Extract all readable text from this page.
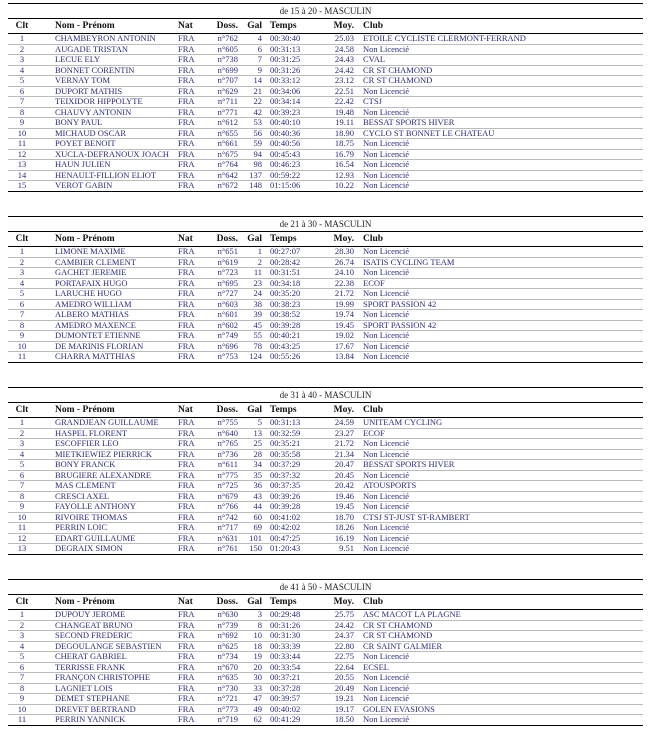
de 15 à 20 - MASCULIN
Clt		Nom - Prénom	Nat	Doss.	Gal		Temps	Moy.		Club
1		CHAMBEYRON ANTONIN	FRA	n°762	4		00:30:40	25.03		ETOILE CYCLISTE CLERMONT-FERRAND
2		AUGADE TRISTAN	FRA	n°605	6		00:31:13	24.58		Non Licencié
3		LECUE ELY	FRA	n°738	7		00:31:25	24.43		CVAL
4		BONNET CORENTIN	FRA	n°699	9		00:31:26	24.42		CR ST CHAMOND
5		VERNAY TOM	FRA	n°707	14		00:33:12	23.12		CR ST CHAMOND
6		DUPORT MATHIS	FRA	n°629	21		00:34:06	22.51		Non Licencié
7		TEIXIDOR HIPPOLYTE	FRA	n°711	22		00:34:14	22.42		CTSJ
8		CHAUVY ANTONIN	FRA	n°771	42		00:39:23	19.48		Non Licencié
9		BONY PAUL	FRA	n°612	53		00:40:10	19.11		BESSAT SPORTS HIVER
10		MICHAUD OSCAR	FRA	n°655	56		00:40:36	18.90		CYCLO ST BONNET LE CHATEAU
11		POYET BENOIT	FRA	n°661	59		00:40:56	18.75		Non Licencié
12		XUCLA-DEFRANOUX JOACH	FRA	n°675	94		00:45:43	16.79		Non Licencié
13		HAUN JULIEN	FRA	n°764	98		00:46:23	16.54		Non Licencié
14		HENAULT-FILLION ELIOT	FRA	n°642	137		00:59:22	12.93		Non Licencié
15		VEROT GABIN	FRA	n°672	148		01:15:06	10.22		Non Licencié
de 21 à 30 - MASCULIN
Clt		Nom - Prénom	Nat	Doss.	Gal		Temps	Moy.		Club
1		LIMONE MAXIME	FRA	n°651	1		00:27:07	28.30		Non Licencié
2		CAMBIER CLEMENT	FRA	n°619	2		00:28:42	26.74		ISATIS CYCLING TEAM
3		GACHET JEREMIE	FRA	n°723	11		00:31:51	24.10		Non Licencié
4		PORTAFAIX HUGO	FRA	n°695	23		00:34:18	22.38		ECOF
5		LARUCHE HUGO	FRA	n°727	24		00:35:20	21.72		Non Licencié
6		AMEDRO WILLIAM	FRA	n°603	38		00:38:23	19.99		SPORT PASSION 42
7		ALBERO MATHIAS	FRA	n°601	39		00:38:52	19.74		Non Licencié
8		AMEDRO MAXENCE	FRA	n°602	45		00:39:28	19.45		SPORT PASSION 42
9		DUMONTET ETIENNE	FRA	n°749	55		00:40:21	19.02		Non Licencié
10		DE MARINIS FLORIAN	FRA	n°696	78		00:43:25	17.67		Non Licencié
11		CHARRA MATTHIAS	FRA	n°753	124		00:55:26	13.84		Non Licencié
de 31 à 40 - MASCULIN
Clt		Nom - Prénom	Nat	Doss.	Gal		Temps	Moy.		Club
1		GRANDJEAN GUILLAUME	FRA	n°755	5		00:31:13	24.59		UNITEAM CYCLING
2		HASPEL FLORENT	FRA	n°640	13		00:32:59	23.27		ECOF
3		ESCOFFIER LEO	FRA	n°765	25		00:35:21	21.72		Non Licencié
4		MIETKIEWIEZ PIERRICK	FRA	n°736	28		00:35:58	21.34		Non Licencié
5		BONY FRANCK	FRA	n°611	34		00:37:29	20.47		BESSAT SPORTS HIVER
6		BRUGIERE ALEXANDRE	FRA	n°775	35		00:37:32	20.45		Non Licencié
7		MAS CLEMENT	FRA	n°725	36		00:37:35	20.42		ATOUSPORTS
8		CRESCI AXEL	FRA	n°679	43		00:39:26	19.46		Non Licencié
9		FAYOLLE ANTHONY	FRA	n°766	44		00:39:28	19.45		Non Licencié
10		RIVOIRE THOMAS	FRA	n°742	60		00:41:02	18.70		CTSJ ST-JUST ST-RAMBERT
11		PERRIN LOIC	FRA	n°717	69		00:42:02	18.26		Non Licencié
12		EDART GUILLAUME	FRA	n°631	101		00:47:25	16.19		Non Licencié
13		DEGRAIX SIMON	FRA	n°761	150		01:20:43	9.51		Non Licencié
de 41 à 50 - MASCULIN
Clt		Nom - Prénom	Nat	Doss.	Gal		Temps	Moy.		Club
1		DUPOUY JEROME	FRA	n°630	3		00:29:48	25.75		ASC MACOT LA PLAGNE
2		CHANGEAT BRUNO	FRA	n°739	8		00:31:26	24.42		CR ST CHAMOND
3		SECOND FREDERIC	FRA	n°692	10		00:31:30	24.37		CR ST CHAMOND
4		DEGOULANGE SEBASTIEN	FRA	n°625	18		00:33:39	22.80		CR SAINT GALMIER
5		CHERAT GABRIEL	FRA	n°734	19		00:33:44	22.75		Non Licencié
6		TERRISSE FRANK	FRA	n°670	20		00:33:54	22.64		ECSEL
7		FRANÇON CHRISTOPHE	FRA	n°635	30		00:37:21	20.55		Non Licencié
8		LAGNIET LOIS	FRA	n°730	33		00:37:28	20.49		Non Licencié
9		DEMET STEPHANE	FRA	n°721	47		00:39:57	19.21		Non Licencié
10		DREVET BERTRAND	FRA	n°773	49		00:40:02	19.17		GOLEN EVASIONS
11		PERRIN YANNICK	FRA	n°719	62		00:41:29	18.50		Non Licencié
